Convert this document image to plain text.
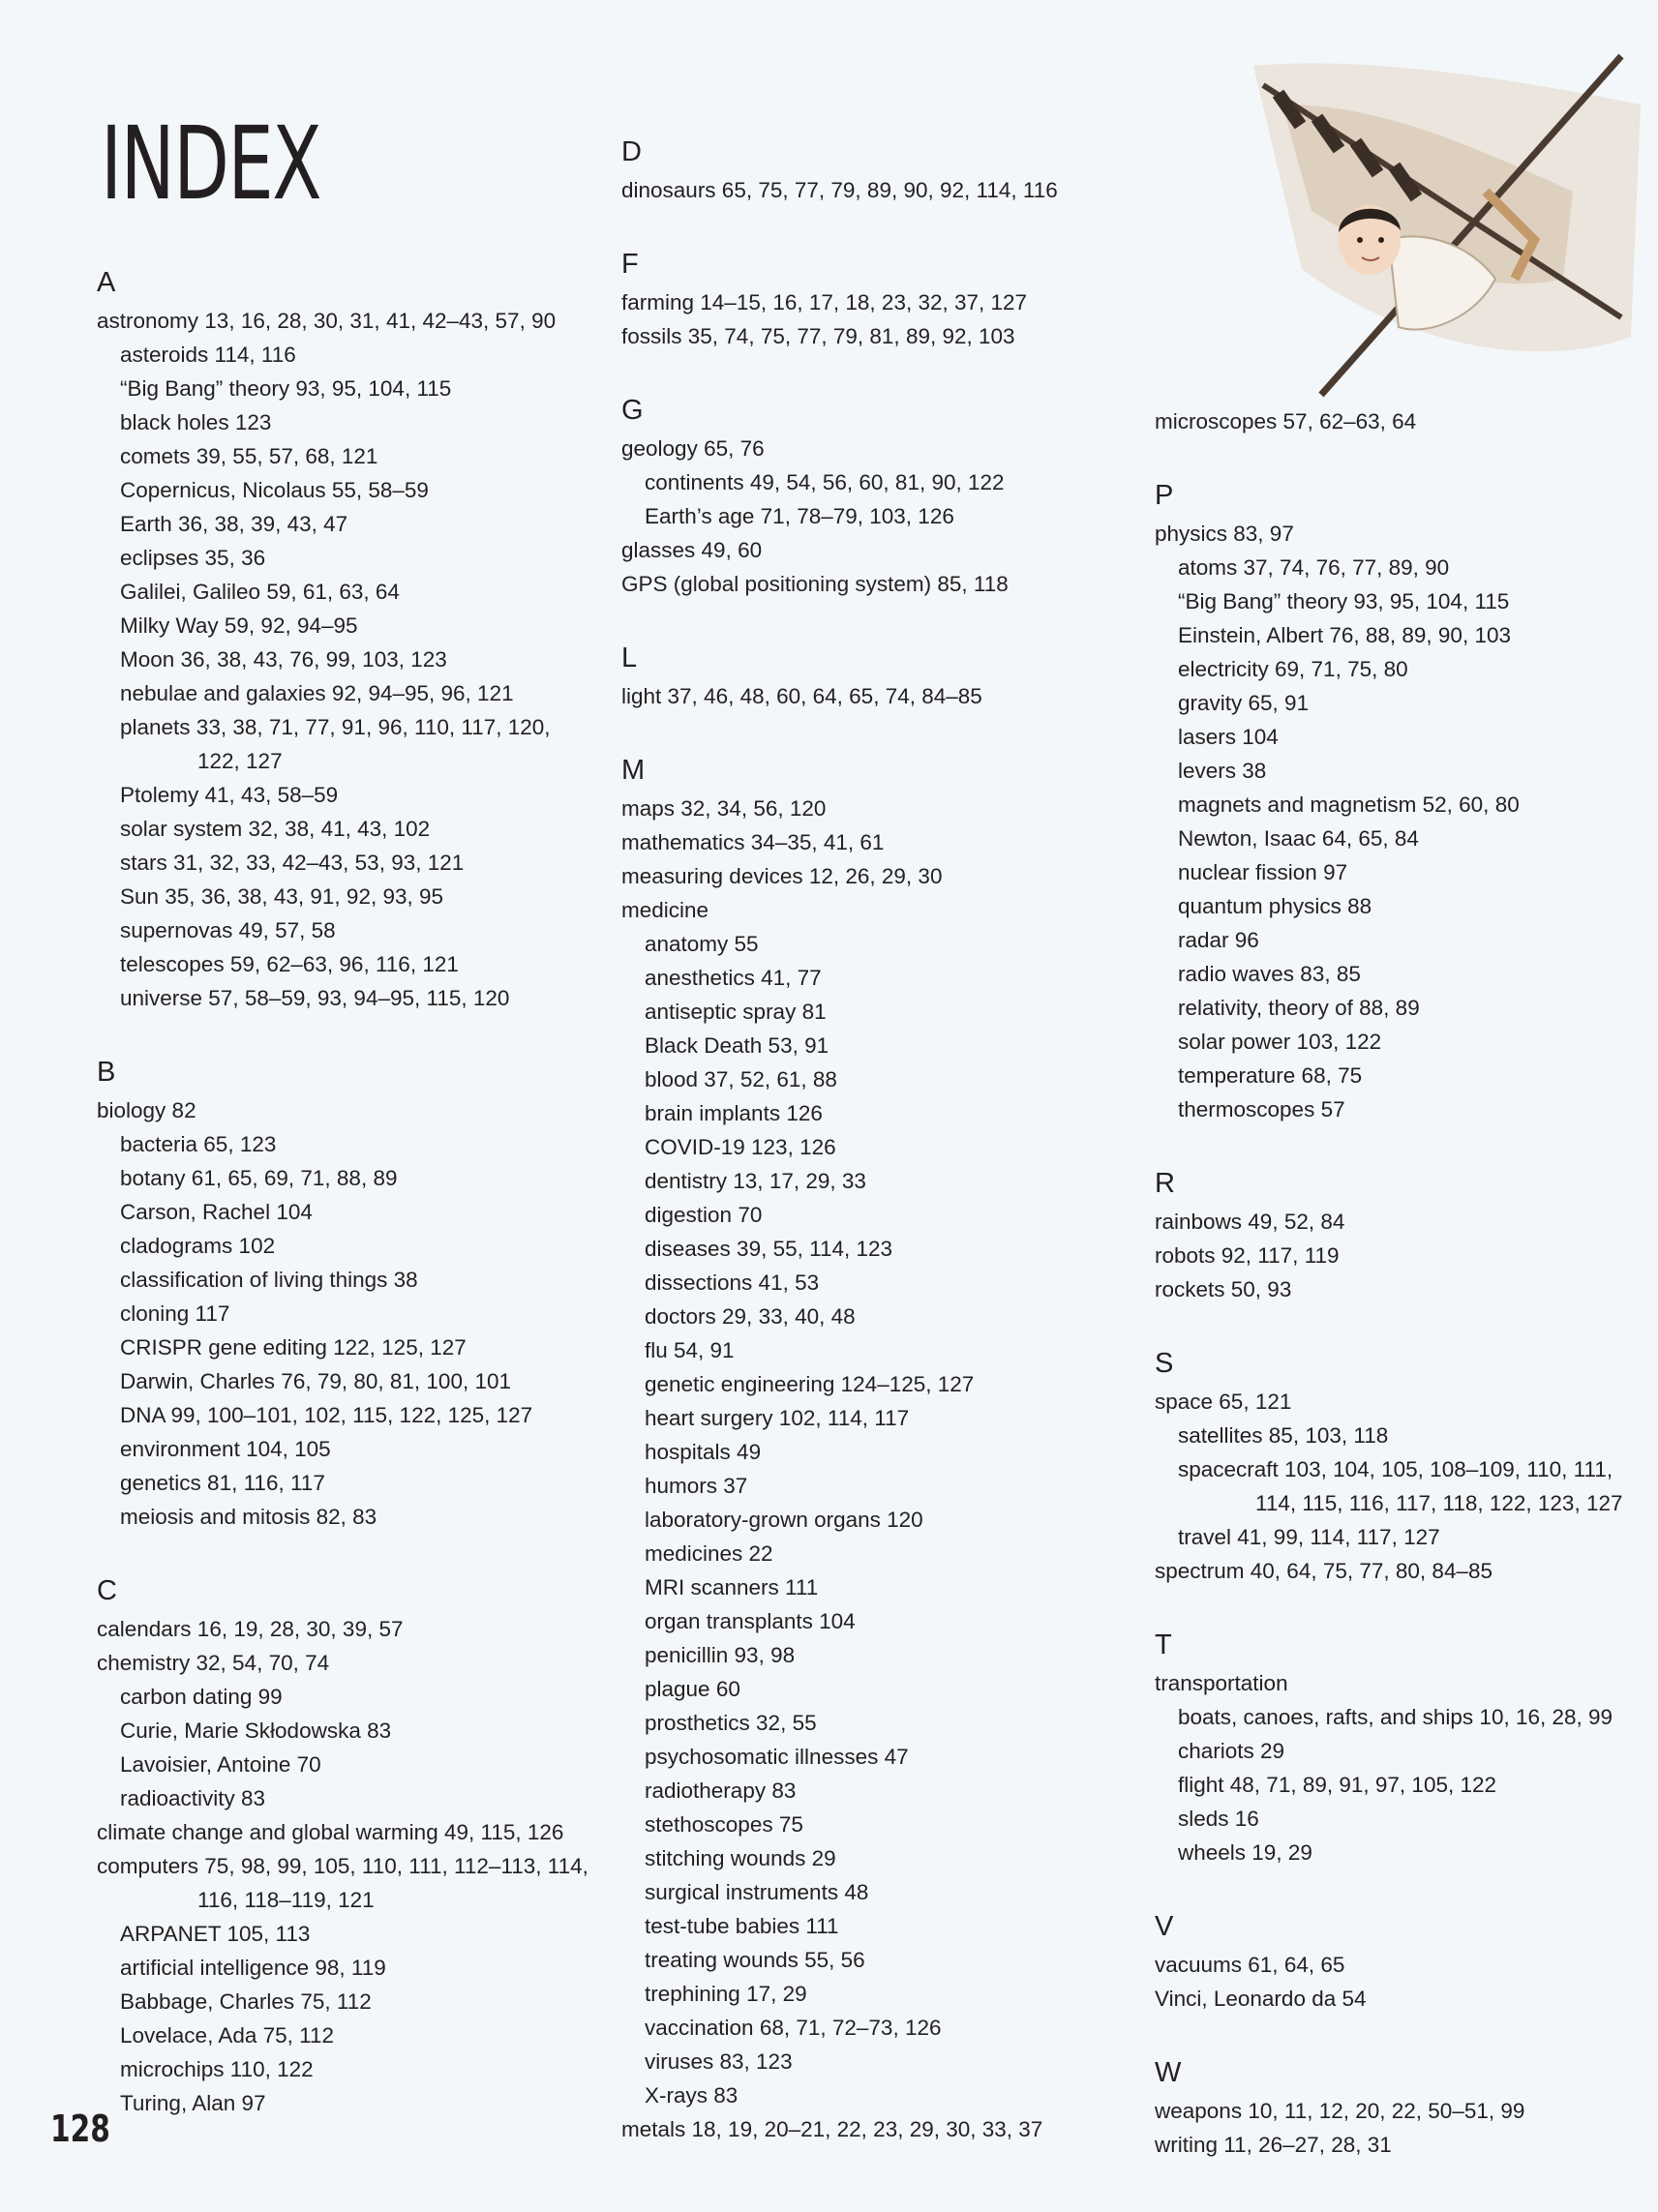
INDEX
A
astronomy 13, 16, 28, 30, 31, 41, 42–43, 57, 90
asteroids 114, 116
“Big Bang” theory 93, 95, 104, 115
black holes 123
comets 39, 55, 57, 68, 121
Copernicus, Nicolaus 55, 58–59
Earth 36, 38, 39, 43, 47
eclipses 35, 36
Galilei, Galileo 59, 61, 63, 64
Milky Way 59, 92, 94–95
Moon 36, 38, 43, 76, 99, 103, 123
nebulae and galaxies 92, 94–95, 96, 121
planets 33, 38, 71, 77, 91, 96, 110, 117, 120,
122, 127
Ptolemy 41, 43, 58–59
solar system 32, 38, 41, 43, 102
stars 31, 32, 33, 42–43, 53, 93, 121
Sun 35, 36, 38, 43, 91, 92, 93, 95
supernovas 49, 57, 58
telescopes 59, 62–63, 96, 116, 121
universe 57, 58–59, 93, 94–95, 115, 120
B
biology 82
bacteria 65, 123
botany 61, 65, 69, 71, 88, 89
Carson, Rachel 104
cladograms 102
classification of living things 38
cloning 117
CRISPR gene editing 122, 125, 127
Darwin, Charles 76, 79, 80, 81, 100, 101
DNA 99, 100–101, 102, 115, 122, 125, 127
environment 104, 105
genetics 81, 116, 117
meiosis and mitosis 82, 83
C
calendars 16, 19, 28, 30, 39, 57
chemistry 32, 54, 70, 74
carbon dating 99
Curie, Marie Skłodowska 83
Lavoisier, Antoine 70
radioactivity 83
climate change and global warming 49, 115, 126
computers 75, 98, 99, 105, 110, 111, 112–113, 114,
116, 118–119, 121
ARPANET 105, 113
artificial intelligence 98, 119
Babbage, Charles 75, 112
Lovelace, Ada 75, 112
microchips 110, 122
Turing, Alan 97
D
dinosaurs 65, 75, 77, 79, 89, 90, 92, 114, 116
F
farming 14–15, 16, 17, 18, 23, 32, 37, 127
fossils 35, 74, 75, 77, 79, 81, 89, 92, 103
G
geology 65, 76
continents 49, 54, 56, 60, 81, 90, 122
Earth’s age 71, 78–79, 103, 126
glasses 49, 60
GPS (global positioning system) 85, 118
L
light 37, 46, 48, 60, 64, 65, 74, 84–85
M
maps 32, 34, 56, 120
mathematics 34–35, 41, 61
measuring devices 12, 26, 29, 30
medicine
anatomy 55
anesthetics 41, 77
antiseptic spray 81
Black Death 53, 91
blood 37, 52, 61, 88
brain implants 126
COVID-19 123, 126
dentistry 13, 17, 29, 33
digestion 70
diseases 39, 55, 114, 123
dissections 41, 53
doctors 29, 33, 40, 48
flu 54, 91
genetic engineering 124–125, 127
heart surgery 102, 114, 117
hospitals 49
humors 37
laboratory-grown organs 120
medicines 22
MRI scanners 111
organ transplants 104
penicillin 93, 98
plague 60
prosthetics 32, 55
psychosomatic illnesses 47
radiotherapy 83
stethoscopes 75
stitching wounds 29
surgical instruments 48
test-tube babies 111
treating wounds 55, 56
trephining 17, 29
vaccination 68, 71, 72–73, 126
viruses 83, 123
X-rays 83
metals 18, 19, 20–21, 22, 23, 29, 30, 33, 37
microscopes 57, 62–63, 64
P
physics 83, 97
atoms 37, 74, 76, 77, 89, 90
“Big Bang” theory 93, 95, 104, 115
Einstein, Albert 76, 88, 89, 90, 103
electricity 69, 71, 75, 80
gravity 65, 91
lasers 104
levers 38
magnets and magnetism 52, 60, 80
Newton, Isaac 64, 65, 84
nuclear fission 97
quantum physics 88
radar 96
radio waves 83, 85
relativity, theory of 88, 89
solar power 103, 122
temperature 68, 75
thermoscopes 57
R
rainbows 49, 52, 84
robots 92, 117, 119
rockets 50, 93
S
space 65, 121
satellites 85, 103, 118
spacecraft 103, 104, 105, 108–109, 110, 111,
114, 115, 116, 117, 118, 122, 123, 127
travel 41, 99, 114, 117, 127
spectrum 40, 64, 75, 77, 80, 84–85
T
transportation
boats, canoes, rafts, and ships 10, 16, 28, 99
chariots 29
flight 48, 71, 89, 91, 97, 105, 122
sleds 16
wheels 19, 29
V
vacuums 61, 64, 65
Vinci, Leonardo da 54
W
weapons 10, 11, 12, 20, 22, 50–51, 99
writing 11, 26–27, 28, 31
128
